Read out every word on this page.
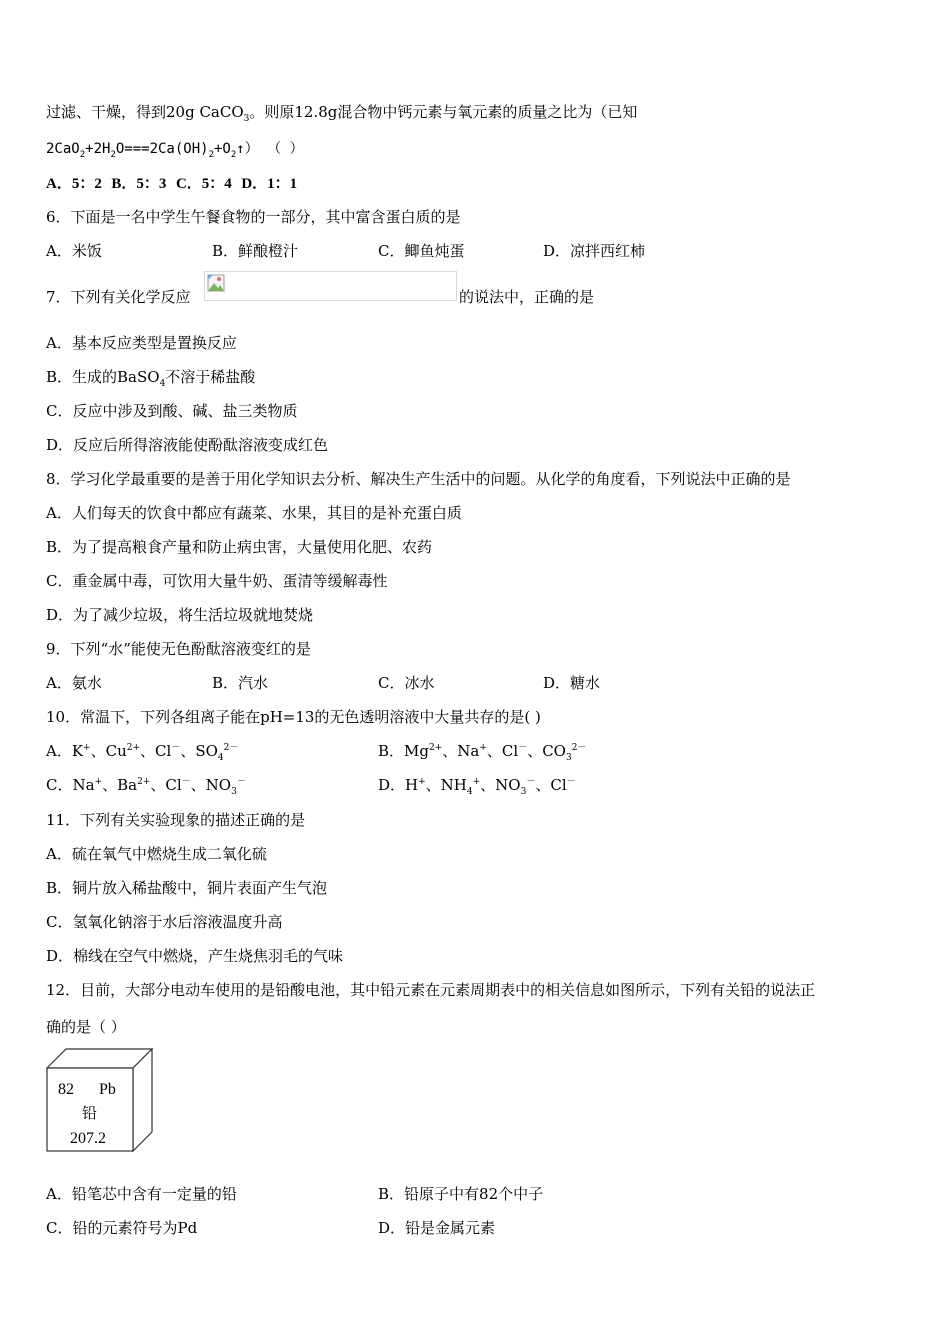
过滤、干燥，得到20g CaCO$_3$。则原12.8g混合物中钙元素与氧元素的质量之比为（已知
$2CaO_2+2H_2O===2Ca(OH)_2+O_2↑$） （ ）
A．5：2 B．5：3 C．5：4 D．1：1
6．下面是一名中学生午餐食物的一部分，其中富含蛋白质的是
A．米饭	B．鲜酿橙汁	C．鲫鱼炖蛋	D．凉拌西红柿
7．下列有关化学反应	的说法中，正确的是
A．基本反应类型是置换反应
B．生成的BaSO$_4$不溶于稀盐酸
C．反应中涉及到酸、碱、盐三类物质
D．反应后所得溶液能使酚酞溶液变成红色
8．学习化学最重要的是善于用化学知识去分析、解决生产生活中的问题。从化学的角度看，下列说法中正确的是
A．人们每天的饮食中都应有蔬菜、水果，其目的是补充蛋白质
B．为了提高粮食产量和防止病虫害，大量使用化肥、农药
C．重金属中毒，可饮用大量牛奶、蛋清等缓解毒性
D．为了减少垃圾，将生活垃圾就地焚烧
9．下列“水”能使无色酚酞溶液变红的是
A．氨水	B．汽水	C．冰水	D．糖水
10．常温下，下列各组离子能在pH=13的无色透明溶液中大量共存的是( )
A．K+、$Cu^{2+}$、Cl－、$SO_4^{2-}$	B．$Mg^{2+}$、Na+、Cl－、$CO_3^{2-}$
C．Na+、$Ba^{2+}$、Cl－、$NO_3^-$	D．H+、$NH_4^+$、$NO_3^-$、Cl－
11．下列有关实验现象的描述正确的是
A．硫在氧气中燃烧生成二氧化硫
B．铜片放入稀盐酸中，铜片表面产生气泡
C．氢氧化钠溶于水后溶液温度升高
D．棉线在空气中燃烧，产生烧焦羽毛的气味
12．目前，大部分电动车使用的是铅酸电池，其中铅元素在元素周期表中的相关信息如图所示，下列有关铅的说法正
确的是（ ）
82 Pb
铅
207.2
A．铅笔芯中含有一定量的铅	B．铅原子中有82个中子
C．铅的元素符号为Pd	D．铅是金属元素
